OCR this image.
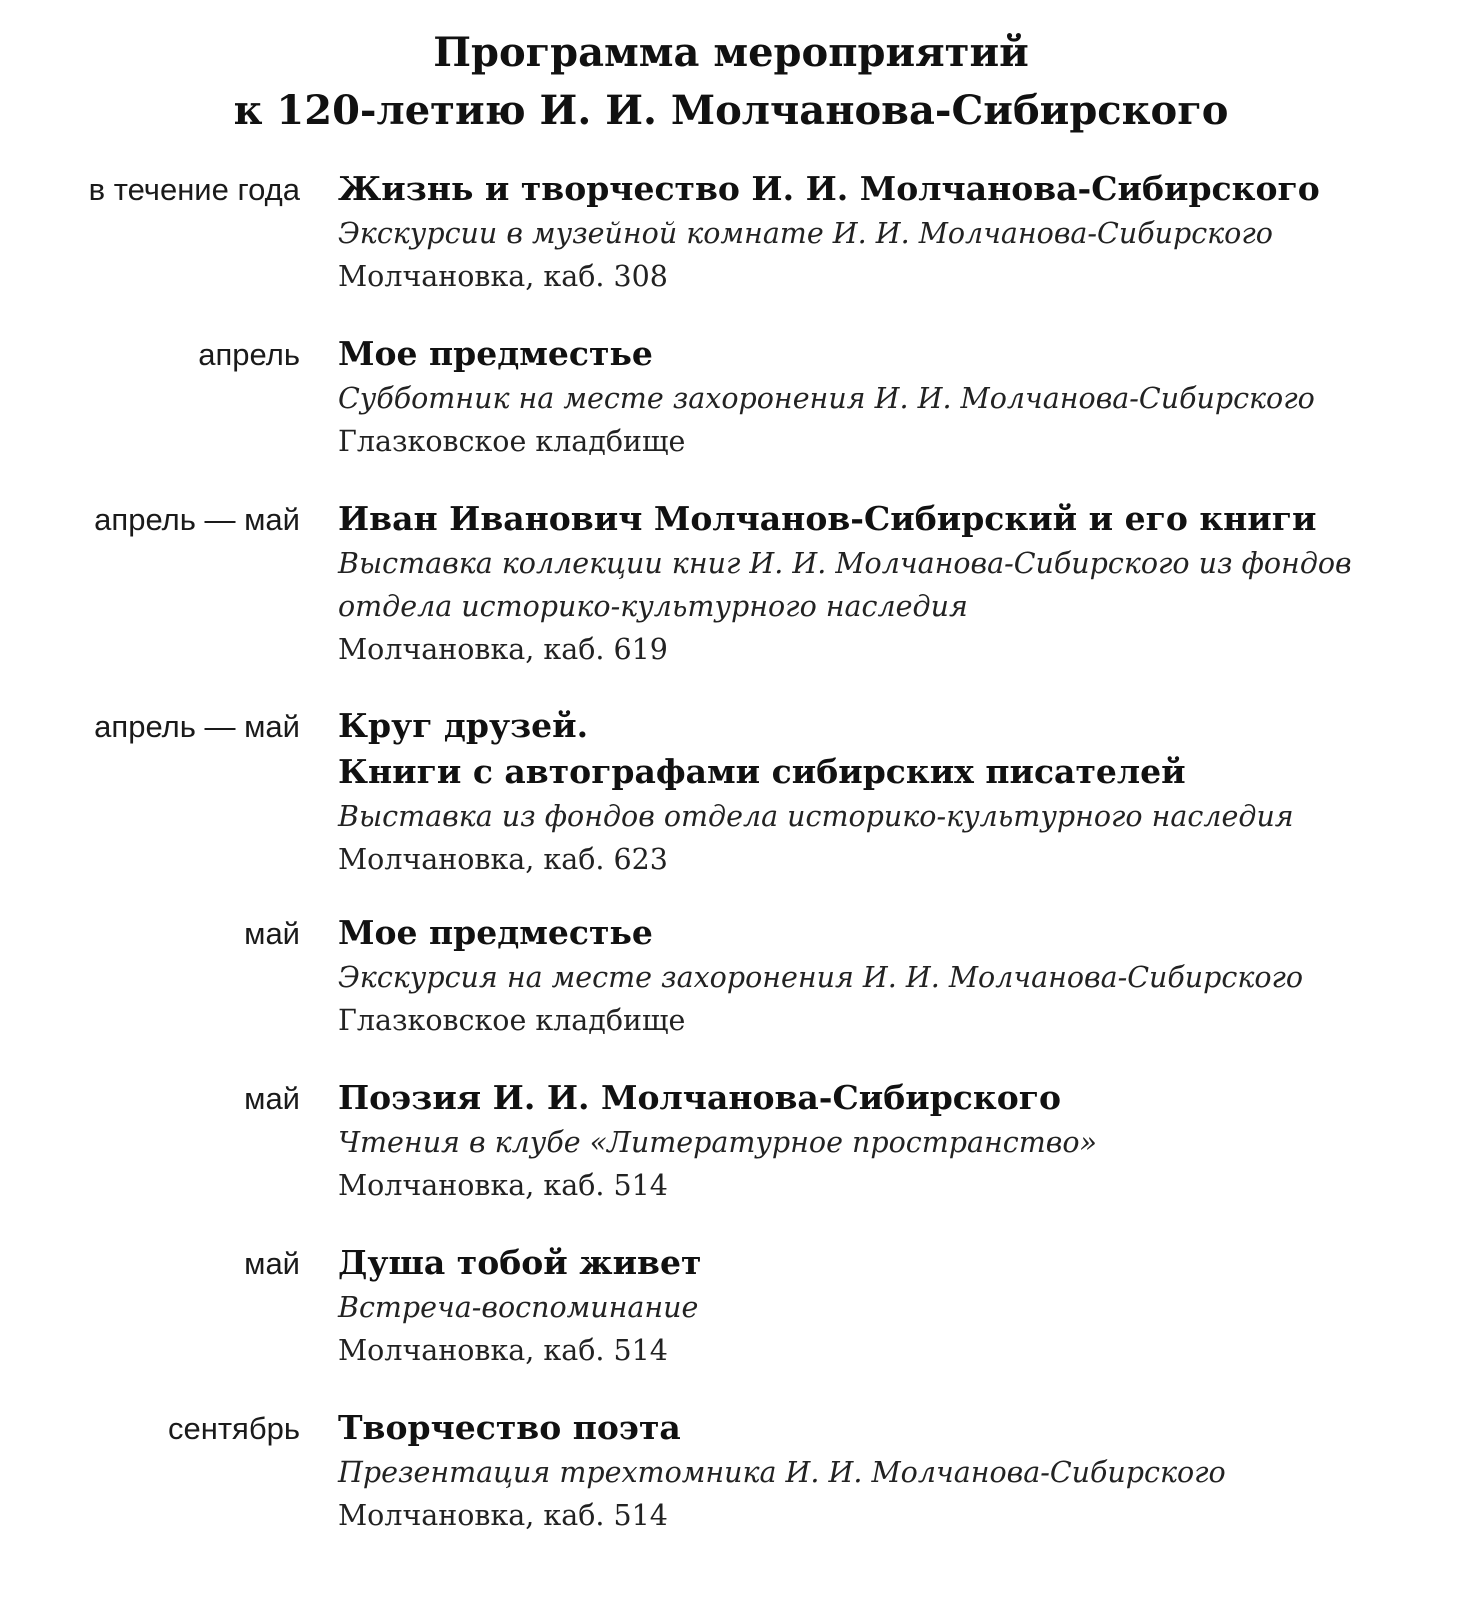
Программа мероприятий
к 120-летию И. И. Молчанова-Сибирского
в течение года Жизнь и творчество И. И. Молчанова-Сибирского
Экскурсии в музейной комнате И. И. Молчанова-Сибирского
Молчановка, каб. 308
апрель Мое предместье
Субботник на месте захоронения И. И. Молчанова-Сибирского
Глазковское кладбище
апрель — май Иван Иванович Молчанов-Сибирский и его книги
Выставка коллекции книг И. И. Молчанова-Сибирского из фондов
отдела историко-культурного наследия
Молчановка, каб. 619
апрель — май Круг друзей.
Книги с автографами сибирских писателей
Выставка из фондов отдела историко-культурного наследия
Молчановка, каб. 623
май Мое предместье
Экскурсия на месте захоронения И. И. Молчанова-Сибирского
Глазковское кладбище
май Поэзия И. И. Молчанова-Сибирского
Чтения в клубе «Литературное пространство»
Молчановка, каб. 514
май Душа тобой живет
Встреча-воспоминание
Молчановка, каб. 514
сентябрь Творчество поэта
Презентация трехтомника И. И. Молчанова-Сибирского
Молчановка, каб. 514
